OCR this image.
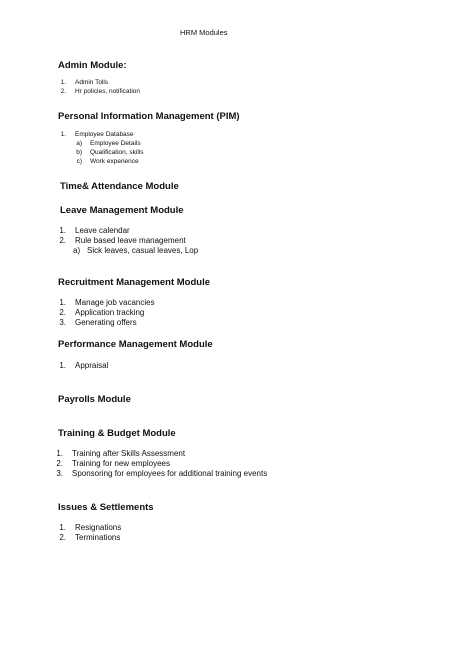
HRM Modules
Admin Module:
1. Admin Tolls
2. Hr policies, notification
Personal Information Management (PIM)
1. Employee Database
a) Employee Details
b) Qualification, skills
c) Work experience
Time& Attendance Module
Leave Management Module
1. Leave calendar
2. Rule based leave management
a) Sick leaves, casual leaves, Lop
Recruitment Management Module
1. Manage job vacancies
2. Application tracking
3. Generating offers
Performance Management Module
1. Appraisal
Payrolls Module
Training & Budget Module
1. Training after Skills Assessment
2. Training for new employees
3. Sponsoring for employees for additional training events
Issues & Settlements
1. Resignations
2. Terminations
